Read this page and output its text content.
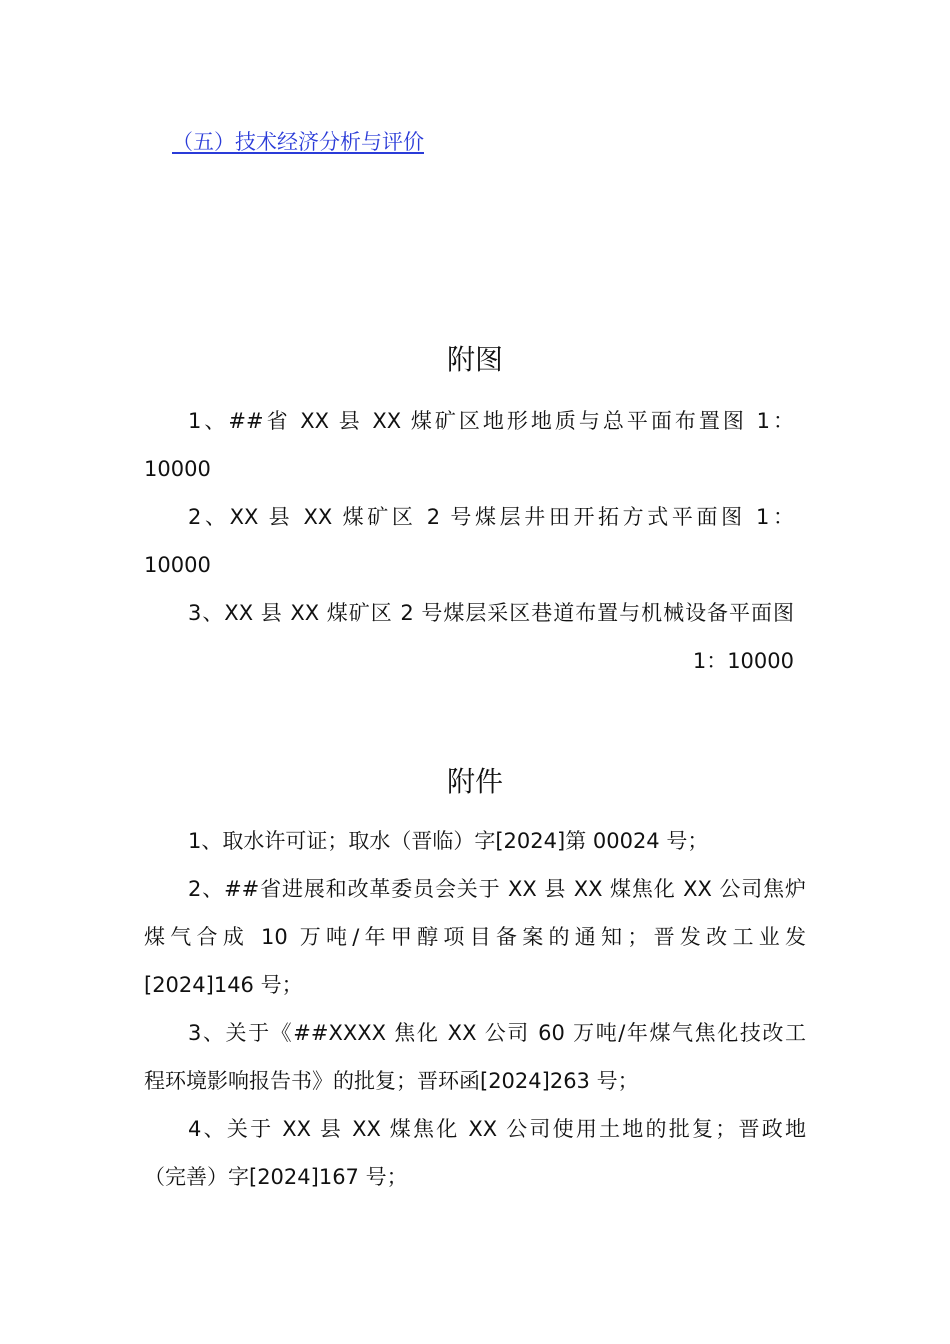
（五）技术经济分析与评价
附图
1、##省 XX 县 XX 煤矿区地形地质与总平面布置图 1：
10000
2、XX 县 XX 煤矿区 2 号煤层井田开拓方式平面图 1：
10000
3、XX 县 XX 煤矿区 2 号煤层采区巷道布置与机械设备平面图
1：10000
附件
1、取水许可证；取水（晋临）字[2024]第 00024 号；
2、##省进展和改革委员会关于 XX 县 XX 煤焦化 XX 公司焦炉
煤气合成 10 万吨/年甲醇项目备案的通知；晋发改工业发
[2024]146 号；
3、关于《##XXXX 焦化 XX 公司 60 万吨/年煤气焦化技改工
程环境影响报告书》的批复；晋环函[2024]263 号；
4、关于 XX 县 XX 煤焦化 XX 公司使用土地的批复；晋政地
（完善）字[2024]167 号；
